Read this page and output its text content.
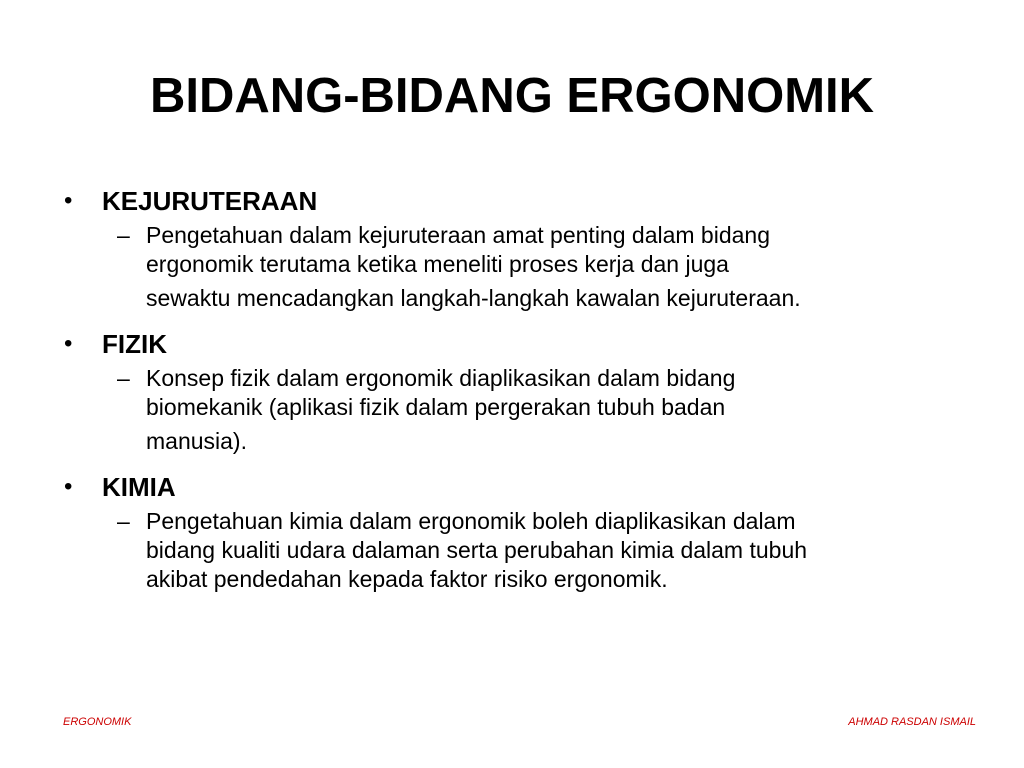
BIDANG-BIDANG ERGONOMIK
• KEJURUTERAAN
– Pengetahuan dalam kejuruteraan amat penting dalam bidang
ergonomik terutama ketika meneliti proses kerja dan juga
sewaktu mencadangkan langkah-langkah kawalan kejuruteraan.
• FIZIK
– Konsep fizik dalam ergonomik diaplikasikan dalam bidang
biomekanik (aplikasi fizik dalam pergerakan tubuh badan
manusia).
• KIMIA
– Pengetahuan kimia dalam ergonomik boleh diaplikasikan dalam
bidang kualiti udara dalaman serta perubahan kimia dalam tubuh
akibat pendedahan kepada faktor risiko ergonomik.
ERGONOMIK	AHMAD RASDAN ISMAIL
